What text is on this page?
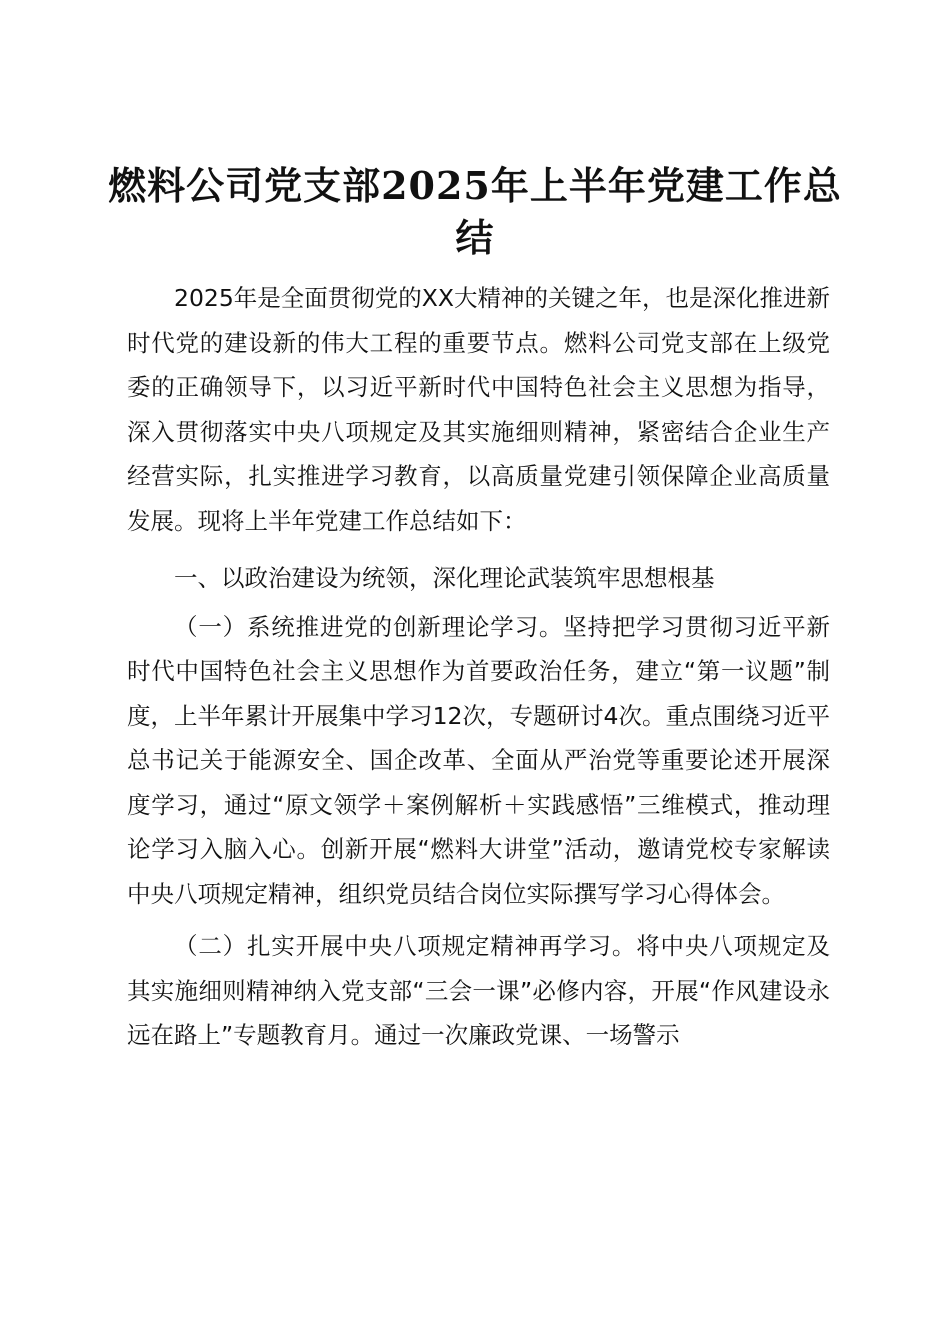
燃料公司党支部2025年上半年党建工作总结

2025年是全面贯彻党的XX大精神的关键之年，也是深化推进新时代党的建设新的伟大工程的重要节点。燃料公司党支部在上级党委的正确领导下，以习近平新时代中国特色社会主义思想为指导，深入贯彻落实中央八项规定及其实施细则精神，紧密结合企业生产经营实际，扎实推进学习教育，以高质量党建引领保障企业高质量发展。现将上半年党建工作总结如下：

一、以政治建设为统领，深化理论武装筑牢思想根基

（一）系统推进党的创新理论学习。坚持把学习贯彻习近平新时代中国特色社会主义思想作为首要政治任务，建立“第一议题”制度，上半年累计开展集中学习12次，专题研讨4次。重点围绕习近平总书记关于能源安全、国企改革、全面从严治党等重要论述开展深度学习，通过“原文领学＋案例解析＋实践感悟”三维模式，推动理论学习入脑入心。创新开展“燃料大讲堂”活动，邀请党校专家解读中央八项规定精神，组织党员结合岗位实际撰写学习心得体会。

（二）扎实开展中央八项规定精神再学习。将中央八项规定及其实施细则精神纳入党支部“三会一课”必修内容，开展“作风建设永远在路上”专题教育月。通过一次廉政党课、一场警示
